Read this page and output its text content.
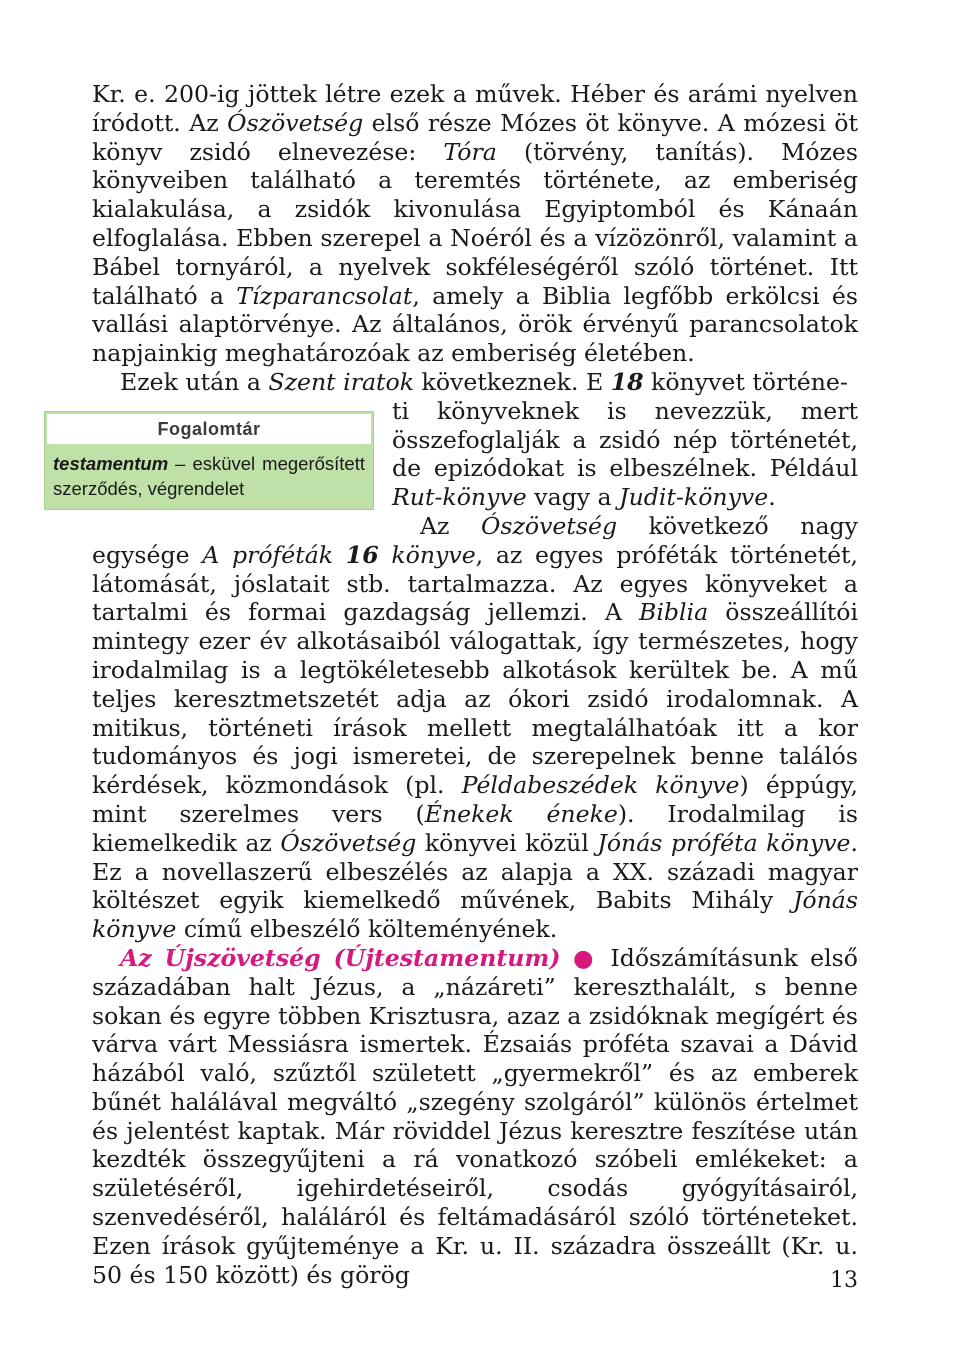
Kr. e. 200-ig jöttek létre ezek a művek. Héber és arámi nyelven íródott. Az Ószövetség első része Mózes öt könyve. A mózesi öt könyv zsidó elnevezése: Tóra (törvény, tanítás). Mózes könyveiben található a teremtés története, az emberiség kialakulása, a zsidók kivonulása Egyiptomból és Kánaán elfoglalása. Ebben szerepel a Noéról és a vízözönről, valamint a Bábel tornyáról, a nyelvek sokféleségéről szóló történet. Itt található a Tízparancsolat, amely a Biblia legfőbb erkölcsi és vallási alaptörvénye. Az általános, örök érvényű parancsolatok napjainkig meghatározóak az emberiség életében.

Ezek után a Szent iratok következnek. E 18 könyvet történe-

Fogalomtár
testamentum – esküvel megerősített szerződés, végrendelet

ti könyveknek is nevezzük, mert összefoglalják a zsidó nép történetét, de epizódokat is elbeszélnek. Például Rut-könyve vagy a Judit-könyve.

Az Ószövetség következő nagy egysége A próféták 16 könyve, az egyes próféták történetét, látomását, jóslatait stb. tartalmazza. Az egyes könyveket a tartalmi és formai gazdagság jellemzi. A Biblia összeállítói mintegy ezer év alkotásaiból válogattak, így természetes, hogy irodalmilag is a legtökéletesebb alkotások kerültek be. A mű teljes keresztmetszetét adja az ókori zsidó irodalomnak. A mitikus, történeti írások mellett megtalálhatóak itt a kor tudományos és jogi ismeretei, de szerepelnek benne találós kérdések, közmondások (pl. Példabeszédek könyve) éppúgy, mint szerelmes vers (Énekek éneke). Irodalmilag is kiemelkedik az Ószövetség könyvei közül Jónás próféta könyve. Ez a novellaszerű elbeszélés az alapja a XX. századi magyar költészet egyik kiemelkedő művének, Babits Mihály Jónás könyve című elbeszélő költeményének.

Az Újszövetség (Újtestamentum) ● Időszámításunk első századában halt Jézus, a „názáreti” kereszthalált, s benne sokan és egyre többen Krisztusra, azaz a zsidóknak megígért és várva várt Messiásra ismertek. Ézsaiás próféta szavai a Dávid házából való, szűztől született „gyermekről” és az emberek bűnét halálával megváltó „szegény szolgáról” különös értelmet és jelentést kaptak. Már röviddel Jézus keresztre feszítése után kezdték összegyűjteni a rá vonatkozó szóbeli emlékeket: a születéséről, igehirdetéseiről, csodás gyógyításairól, szenvedéséről, haláláról és feltámadásáról szóló történeteket. Ezen írások gyűjteménye a Kr. u. II. századra összeállt (Kr. u. 50 és 150 között) és görög	13
